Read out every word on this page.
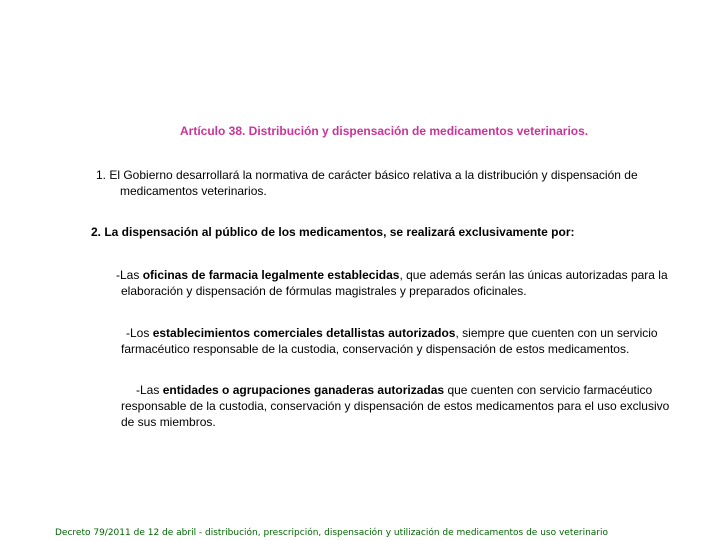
Artículo 38. Distribución y dispensación de medicamentos veterinarios.
1. El Gobierno desarrollará la normativa de carácter básico relativa a la distribución y dispensación de
medicamentos veterinarios.
2. La dispensación al público de los medicamentos, se realizará exclusivamente por:
-Las oficinas de farmacia legalmente establecidas, que además serán las únicas autorizadas para la
elaboración y dispensación de fórmulas magistrales y preparados oficinales.
-Los establecimientos comerciales detallistas autorizados, siempre que cuenten con un servicio
farmacéutico responsable de la custodia, conservación y dispensación de estos medicamentos.
-Las entidades o agrupaciones ganaderas autorizadas que cuenten con servicio farmacéutico
responsable de la custodia, conservación y dispensación de estos medicamentos para el uso exclusivo
de sus miembros.
Decreto 79/2011 de 12 de abril - distribución, prescripción, dispensación y utilización de medicamentos de uso veterinario
